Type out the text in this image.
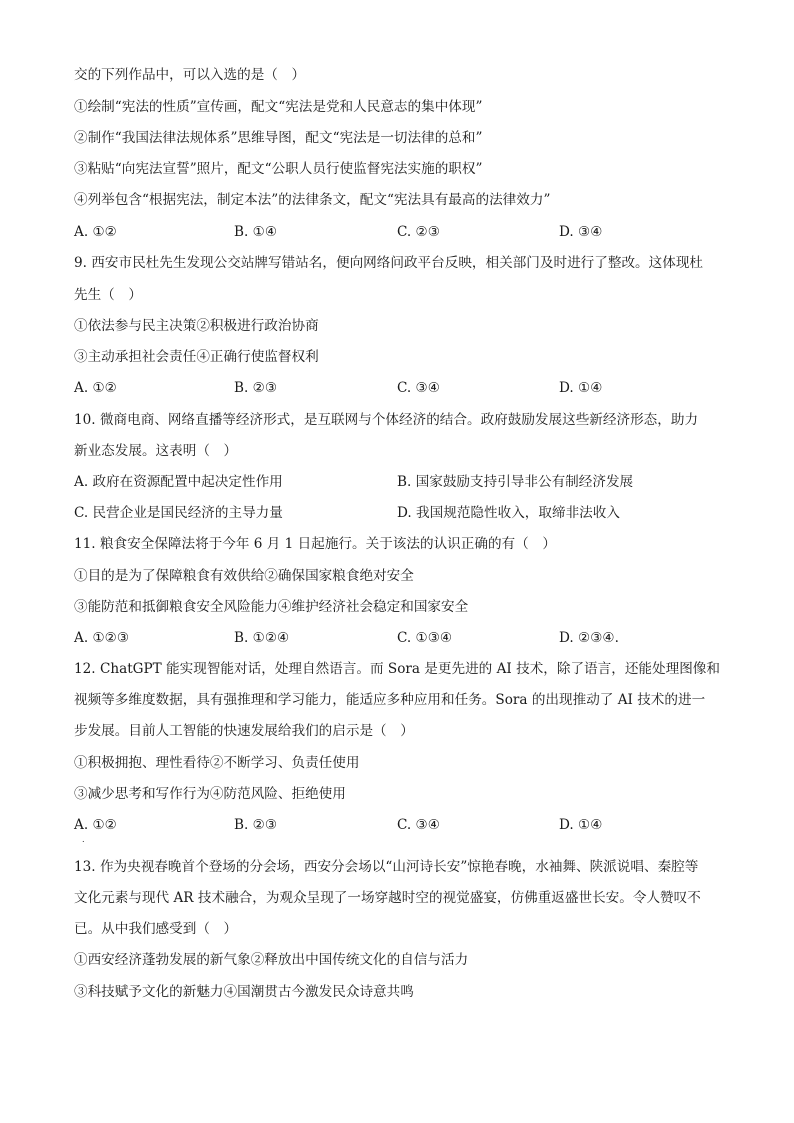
交的下列作品中，可以入选的是（　）
①绘制“宪法的性质”宣传画，配文“宪法是党和人民意志的集中体现”
②制作“我国法律法规体系”思维导图，配文“宪法是一切法律的总和”
③粘贴“向宪法宣誓”照片，配文“公职人员行使监督宪法实施的职权”
④列举包含“根据宪法，制定本法”的法律条文，配文“宪法具有最高的法律效力”
A. ①②	B. ①④	C. ②③	D. ③④
9. 西安市民杜先生发现公交站牌写错站名，便向网络问政平台反映，相关部门及时进行了整改。这体现杜
先生（　）
①依法参与民主决策②积极进行政治协商
③主动承担社会责任④正确行使监督权利
A. ①②	B. ②③	C. ③④	D. ①④
10. 微商电商、网络直播等经济形式，是互联网与个体经济的结合。政府鼓励发展这些新经济形态，助力
新业态发展。这表明（　）
A. 政府在资源配置中起决定性作用	B. 国家鼓励支持引导非公有制经济发展
C. 民营企业是国民经济的主导力量	D. 我国规范隐性收入，取缔非法收入
11. 粮食安全保障法将于今年 6 月 1 日起施行。关于该法的认识正确的有（　）
①目的是为了保障粮食有效供给②确保国家粮食绝对安全
③能防范和抵御粮食安全风险能力④维护经济社会稳定和国家安全
A. ①②③	B. ①②④	C. ①③④	D. ②③④.
12. ChatGPT 能实现智能对话，处理自然语言。而 Sora 是更先进的 AI 技术，除了语言，还能处理图像和
视频等多维度数据，具有强推理和学习能力，能适应多种应用和任务。Sora 的出现推动了 AI 技术的进一
步发展。目前人工智能的快速发展给我们的启示是（　）
①积极拥抱、理性看待②不断学习、负责任使用
③减少思考和写作行为④防范风险、拒绝使用
A. ①②	B. ②③	C. ③④	D. ①④
.
13. 作为央视春晚首个登场的分会场，西安分会场以“山河诗长安”惊艳春晚，水袖舞、陕派说唱、秦腔等
文化元素与现代 AR 技术融合，为观众呈现了一场穿越时空的视觉盛宴，仿佛重返盛世长安。令人赞叹不
已。从中我们感受到（　）
①西安经济蓬勃发展的新气象②释放出中国传统文化的自信与活力
③科技赋予文化的新魅力④国潮贯古今激发民众诗意共鸣
